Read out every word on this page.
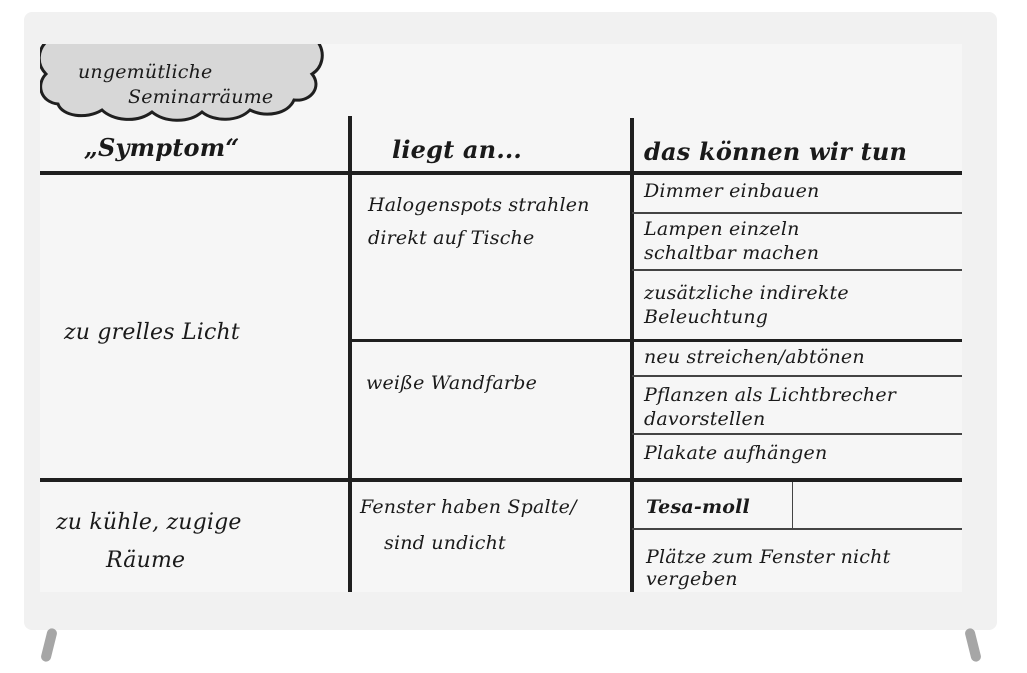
ungemütliche
Seminarräume
„Symptom“	liegt an...	das können wir tun
zu grelles Licht
Halogenspots strahlen
direkt auf Tische
weiße Wandfarbe
Dimmer einbauen
Lampen einzeln
schaltbar machen
zusätzliche indirekte
Beleuchtung
neu streichen/abtönen
Pflanzen als Lichtbrecher
davorstellen
Plakate aufhängen
zu kühle, zugige
Räume
Fenster haben Spalte/
sind undicht
Tesa-moll
Plätze zum Fenster nicht
vergeben
